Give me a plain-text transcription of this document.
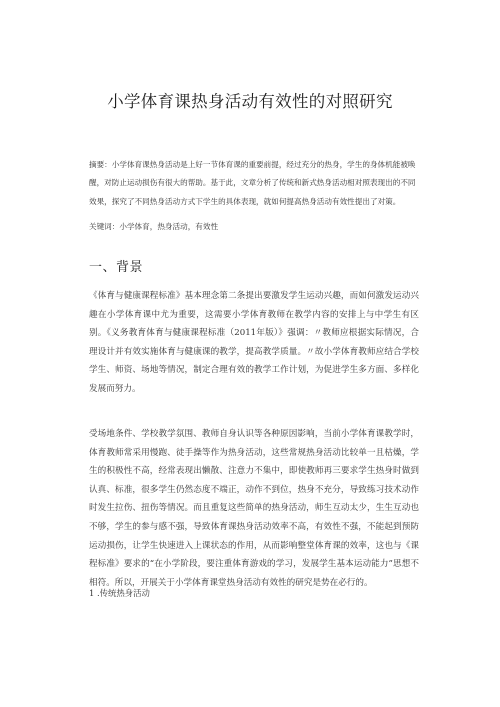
小学体育课热身活动有效性的对照研究
摘要：小学体育课热身活动是上好一节体育课的重要前提，经过充分的热身，学生的身体机能被唤醒，对防止运动损伤有很大的帮助。基于此，文章分析了传统和新式热身活动相对照表现出的不同效果，探究了不同热身活动方式下学生的具体表现，就如何提高热身活动有效性提出了对策。
关键词：小学体育，热身活动，有效性
一、背景
《体育与健康课程标准》基本理念第二条提出要激发学生运动兴趣，而如何激发运动兴趣在小学体育课中尤为重要，这需要小学体育教师在教学内容的安排上与中学生有区别。《义务教育体育与健康课程标准（2011年版）》强调：〃教师应根据实际情况，合理设计并有效实施体育与健康课的教学，提高教学质量。〃故小学体育教师应结合学校学生、师资、场地等情况，制定合理有效的教学工作计划，为促进学生多方面、多样化发展而努力。
受场地条件、学校教学氛围、教师自身认识等各种原因影响，当前小学体育课教学时，体育教师常采用慢跑、徒手操等作为热身活动，这些常规热身活动比较单一且枯燥，学生的积极性不高，经常表现出懒散、注意力不集中，即使教师再三要求学生热身时做到认真、标准，很多学生仍然态度不端正，动作不到位，热身不充分，导致练习技术动作时发生拉伤、扭伤等情况。而且重复这些简单的热身活动，师生互动太少，生生互动也不够，学生的参与感不强，导致体育课热身活动效率不高，有效性不强，不能起到预防运动损伤，让学生快速进入上课状态的作用，从而影响整堂体育课的效率，这也与《课程标准》要求的“在小学阶段，要注重体育游戏的学习，发展学生基本运动能力”思想不相符。所以，开展关于小学体育课堂热身活动有效性的研究是势在必行的。
1 .传统热身活动
